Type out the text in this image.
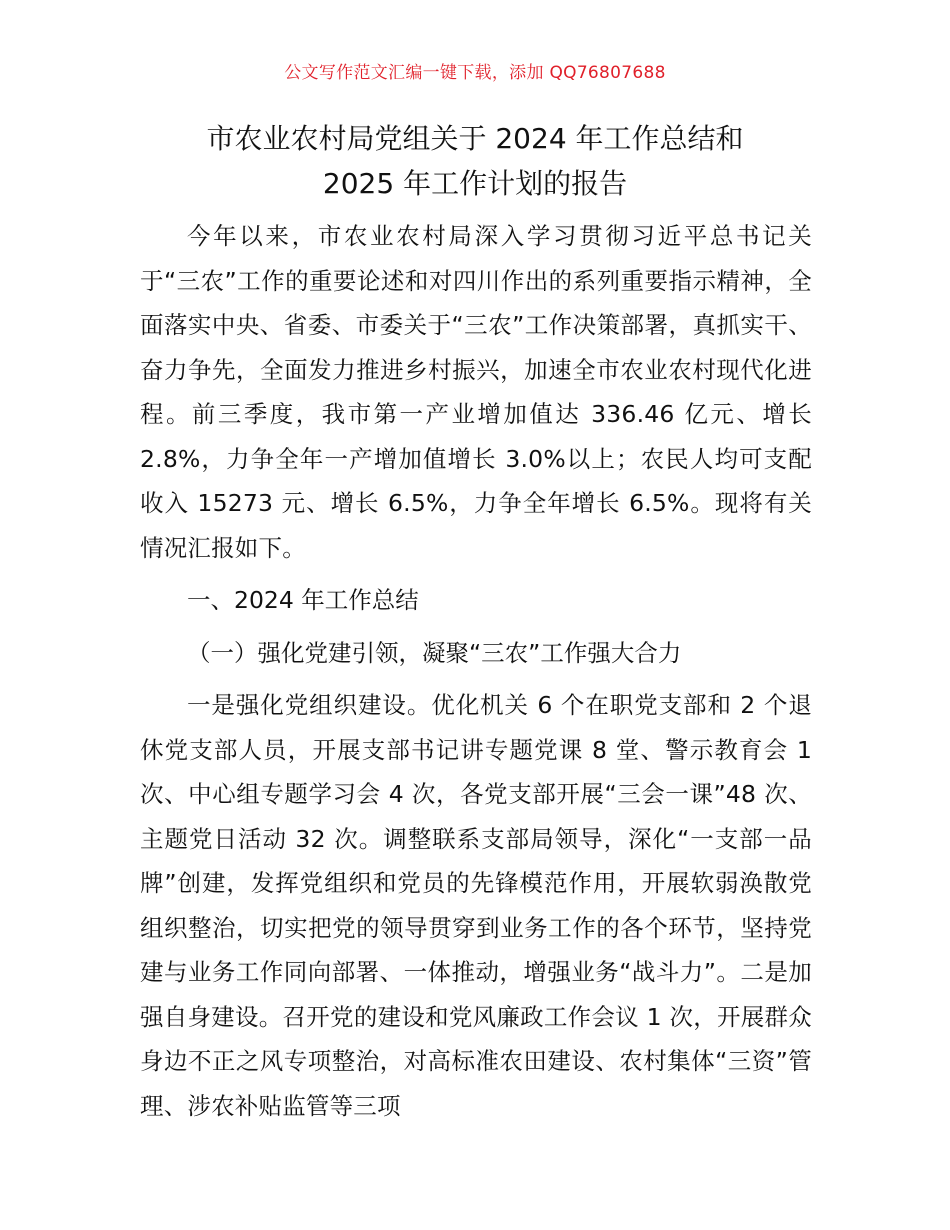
公文写作范文汇编一键下载，添加 QQ76807688
市农业农村局党组关于 2024 年工作总结和
2025 年工作计划的报告

今年以来，市农业农村局深入学习贯彻习近平总书记关于“三农”工作的重要论述和对四川作出的系列重要指示精神，全面落实中央、省委、市委关于“三农”工作决策部署，真抓实干、奋力争先，全面发力推进乡村振兴，加速全市农业农村现代化进程。前三季度，我市第一产业增加值达 336.46 亿元、增长 2.8%，力争全年一产增加值增长 3.0%以上；农民人均可支配收入 15273 元、增长 6.5%，力争全年增长 6.5%。现将有关情况汇报如下。

一、2024 年工作总结

（一）强化党建引领，凝聚“三农”工作强大合力

一是强化党组织建设。优化机关 6 个在职党支部和 2 个退休党支部人员，开展支部书记讲专题党课 8 堂、警示教育会 1 次、中心组专题学习会 4 次，各党支部开展“三会一课”48 次、主题党日活动 32 次。调整联系支部局领导，深化“一支部一品牌”创建，发挥党组织和党员的先锋模范作用，开展软弱涣散党组织整治，切实把党的领导贯穿到业务工作的各个环节，坚持党建与业务工作同向部署、一体推动，增强业务“战斗力”。二是加强自身建设。召开党的建设和党风廉政工作会议 1 次，开展群众身边不正之风专项整治，对高标准农田建设、农村集体“三资”管理、涉农补贴监管等三项
